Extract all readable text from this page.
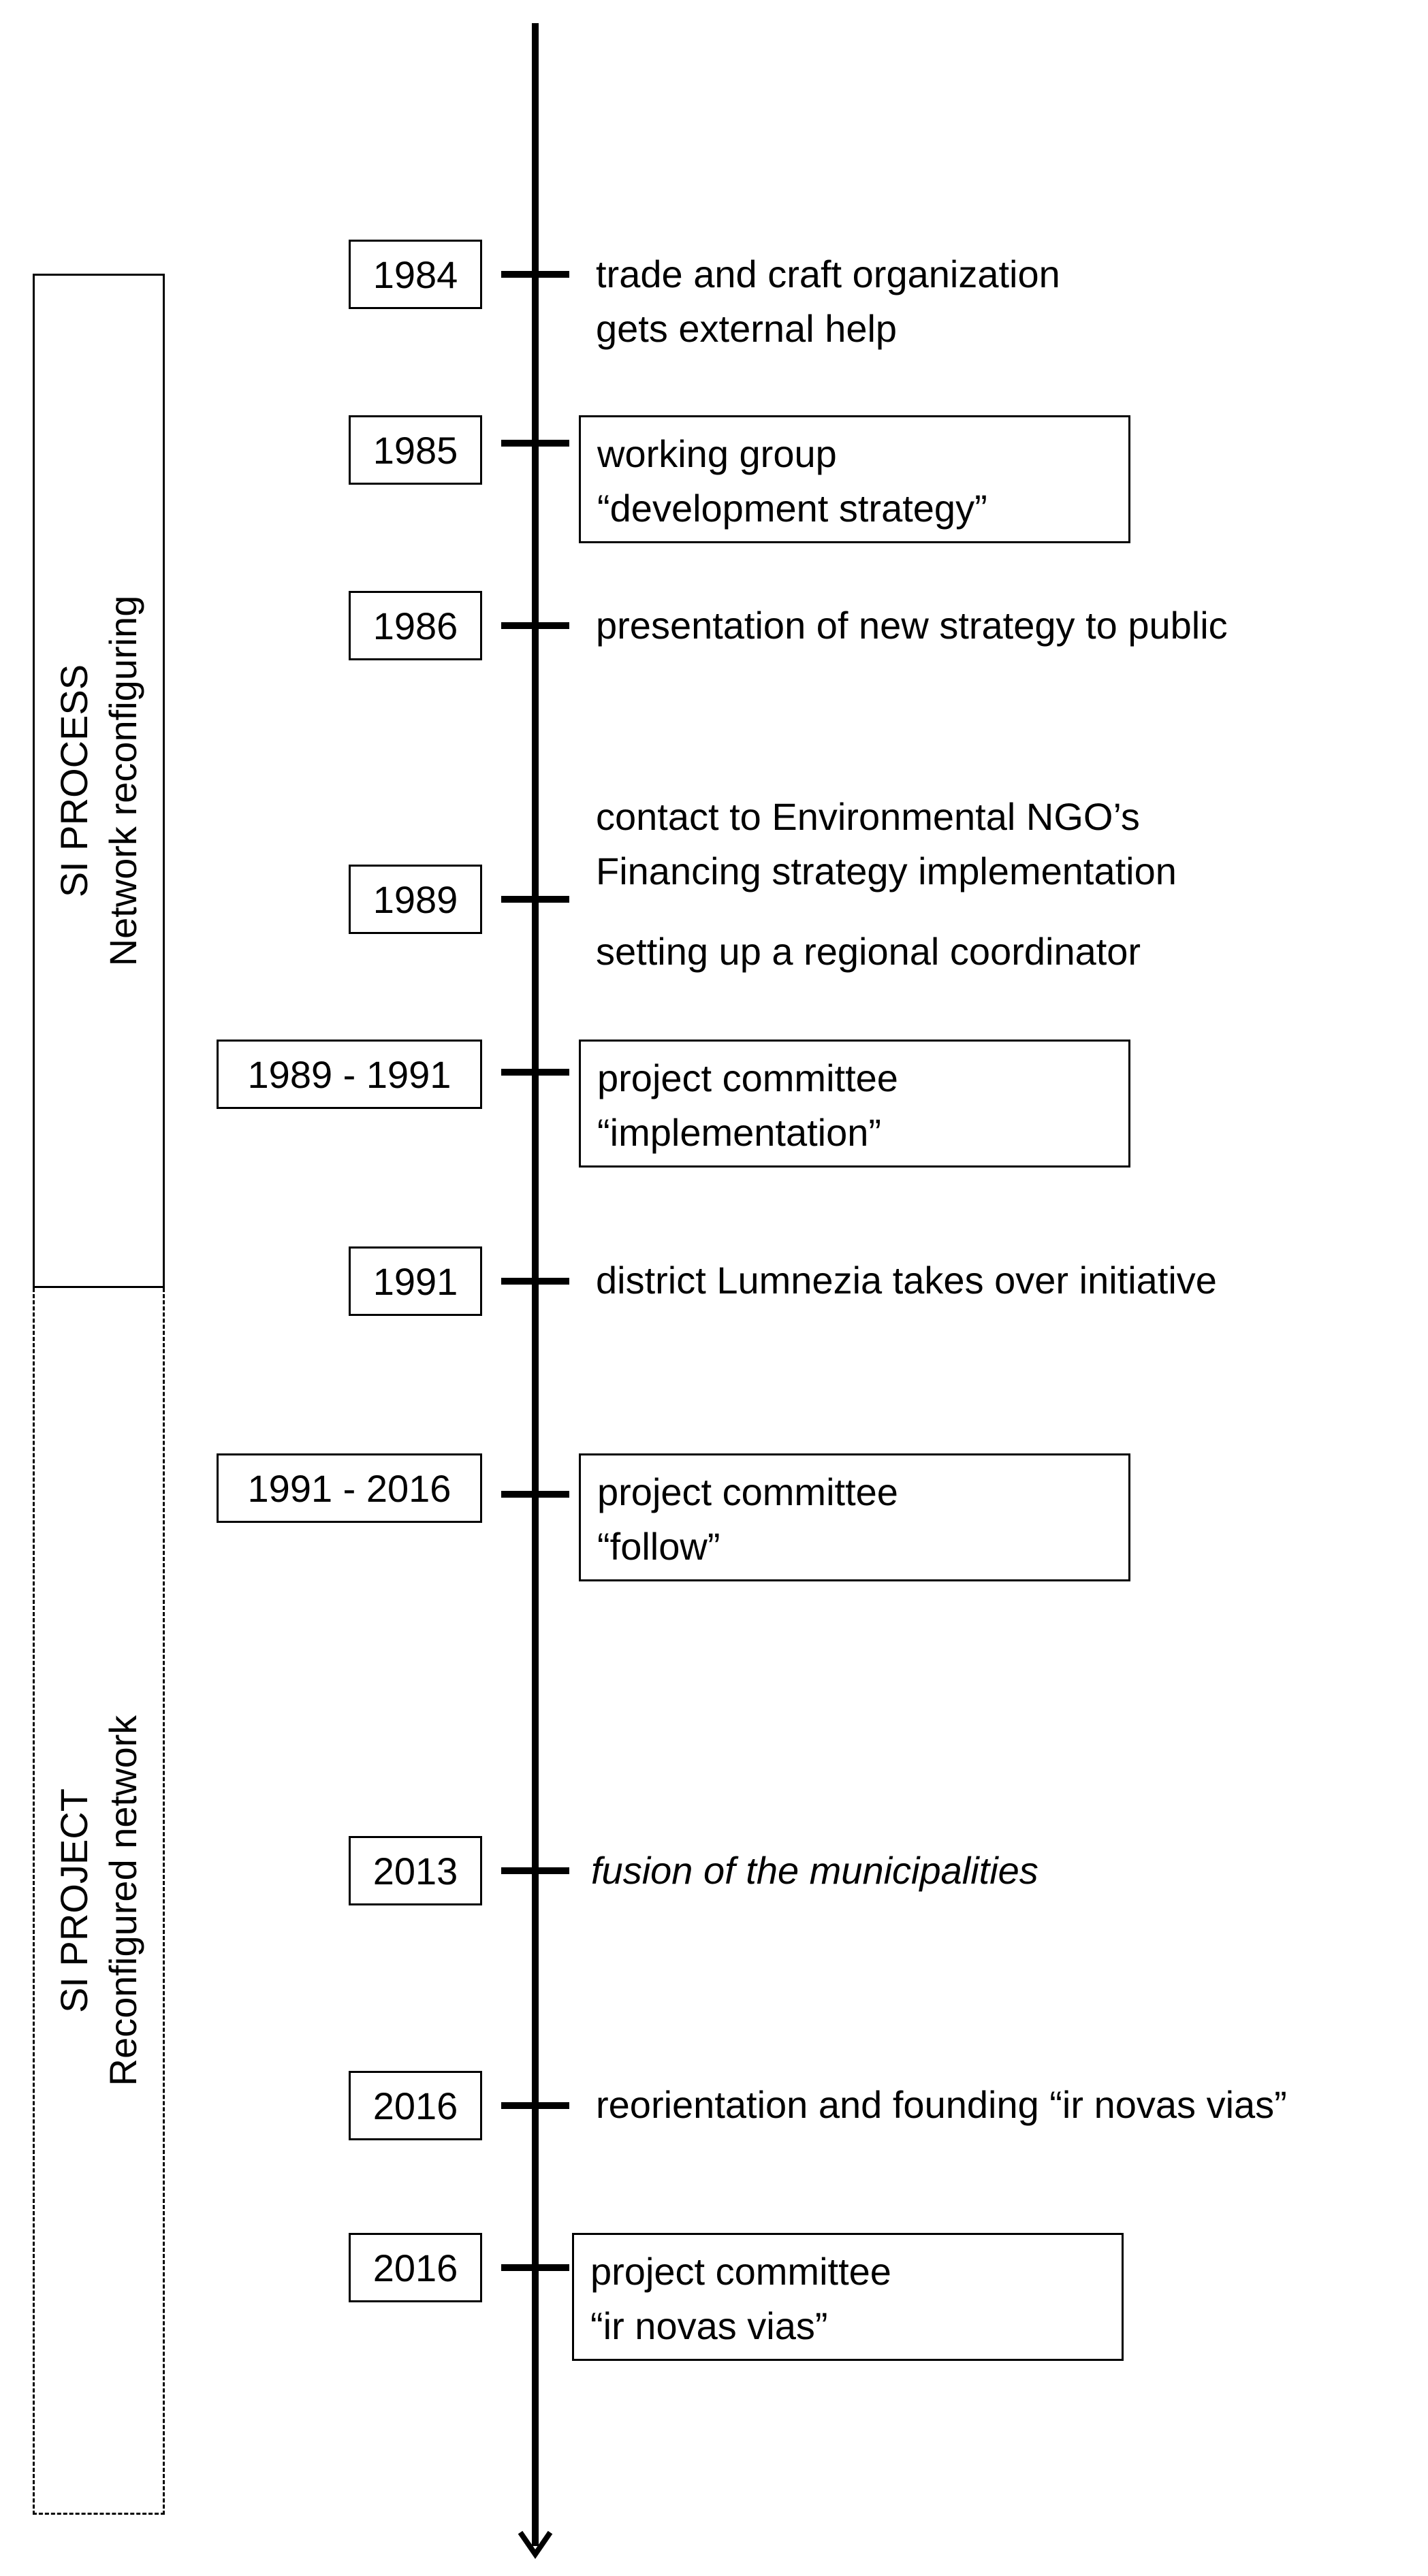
SI PROCESS Network reconfiguring
SI PROJECT Reconfigured network
1984	trade and craft organization
gets external help
1985	working group
“development strategy”
1986	presentation of new strategy to public
1989
contact to Environmental NGO’s
Financing strategy implementation
setting up a regional coordinator
1989 - 1991	project committee
“implementation”
1991	district Lumnezia takes over initiative
1991 - 2016	project committee
“follow”
2013	fusion of the municipalities
2016	reorientation and founding “ir novas vias”
2016	project committee
“ir novas vias”
